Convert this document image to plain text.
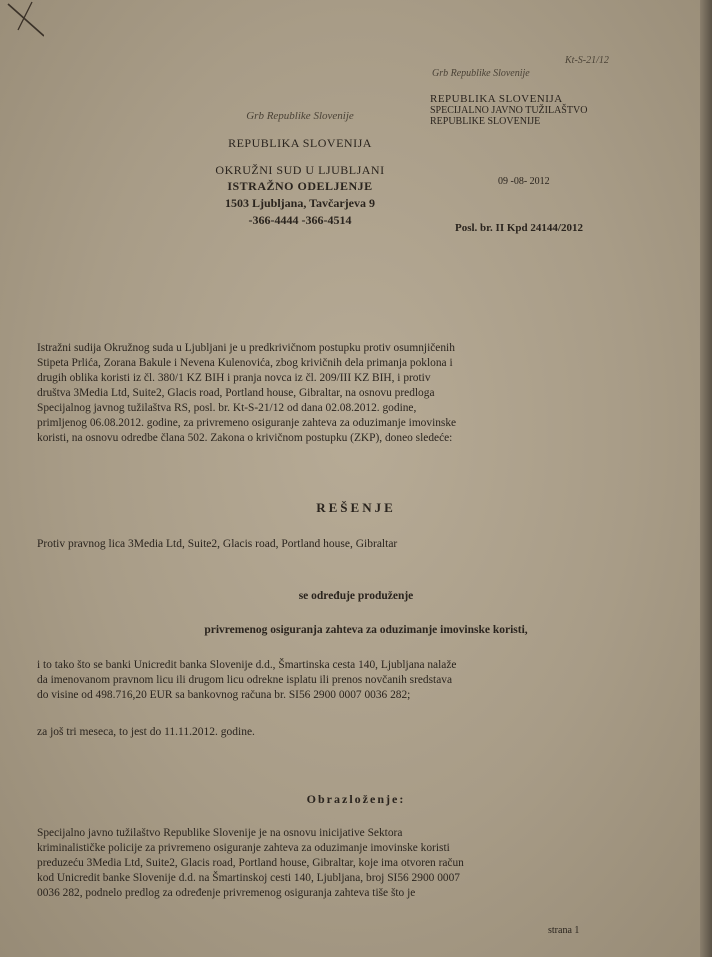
Kt-S-21/12
Grb Republike Slovenije
REPUBLIKA SLOVENIJA
OKRUŽNI SUD U LJUBLJANI
ISTRAŽNO ODELJENJE
1503 Ljubljana, Tavčarjeva 9
-366-4444 -366-4514
Grb Republike Slovenije
REPUBLIKA SLOVENIJA
SPECIJALNO JAVNO TUŽILAŠTVO
REPUBLIKE SLOVENIJE
09 -08- 2012
Posl. br. II Kpd 24144/2012
Istražni sudija Okružnog suda u Ljubljani je u predkrivičnom postupku protiv osumnjičenih
Stipeta Prlića, Zorana Bakule i Nevena Kulenovića, zbog krivičnih dela primanja poklona i
drugih oblika koristi iz čl. 380/1 KZ BIH i pranja novca iz čl. 209/III KZ BIH, i protiv
društva 3Media Ltd, Suite2, Glacis road, Portland house, Gibraltar, na osnovu predloga
Specijalnog javnog tužilaštva RS, posl. br. Kt-S-21/12 od dana 02.08.2012. godine,
primljenog 06.08.2012. godine, za privremeno osiguranje zahteva za oduzimanje imovinske
koristi, na osnovu odredbe člana 502. Zakona o krivičnom postupku (ZKP), doneo sledeće:
REŠENJE
Protiv pravnog lica 3Media Ltd, Suite2, Glacis road, Portland house, Gibraltar
se određuje produženje
privremenog osiguranja zahteva za oduzimanje imovinske koristi,
i to tako što se banki Unicredit banka Slovenije d.d., Šmartinska cesta 140, Ljubljana nalaže
da imenovanom pravnom licu ili drugom licu odrekne isplatu ili prenos novčanih sredstava
do visine od 498.716,20 EUR sa bankovnog računa br. SI56 2900 0007 0036 282;
za još tri meseca, to jest do 11.11.2012. godine.
Obrazloženje:
Specijalno javno tužilaštvo Republike Slovenije je na osnovu inicijative Sektora
kriminalističke policije za privremeno osiguranje zahteva za oduzimanje imovinske koristi
preduzeću 3Media Ltd, Suite2, Glacis road, Portland house, Gibraltar, koje ima otvoren račun
kod Unicredit banke Slovenije d.d. na Šmartinskoj cesti 140, Ljubljana, broj SI56 2900 0007
0036 282, podnelo predlog za određenje privremenog osiguranja zahteva tiše što je
strana 1
